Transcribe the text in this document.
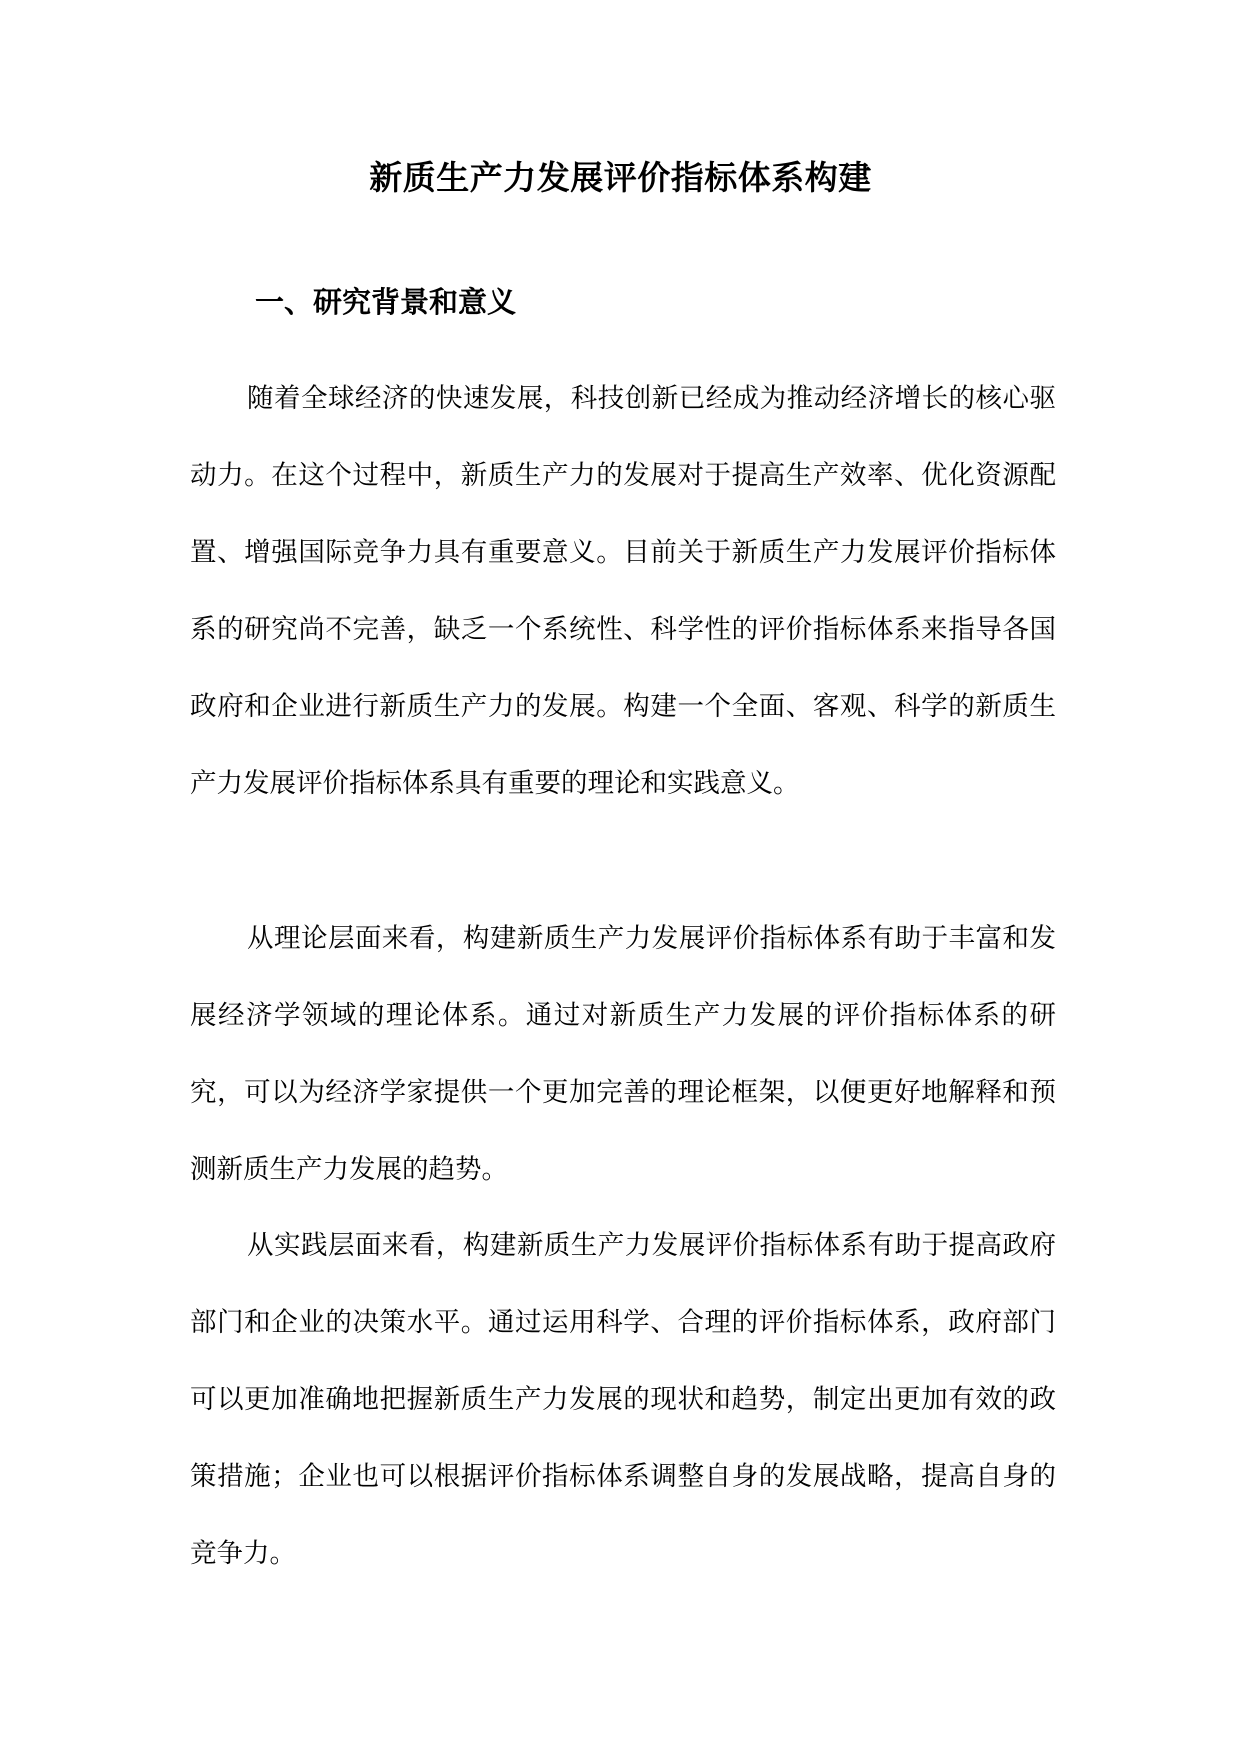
新质生产力发展评价指标体系构建
一、研究背景和意义

随着全球经济的快速发展，科技创新已经成为推动经济增长的核心驱动力。在这个过程中，新质生产力的发展对于提高生产效率、优化资源配置、增强国际竞争力具有重要意义。目前关于新质生产力发展评价指标体系的研究尚不完善，缺乏一个系统性、科学性的评价指标体系来指导各国政府和企业进行新质生产力的发展。构建一个全面、客观、科学的新质生产力发展评价指标体系具有重要的理论和实践意义。

从理论层面来看，构建新质生产力发展评价指标体系有助于丰富和发展经济学领域的理论体系。通过对新质生产力发展的评价指标体系的研究，可以为经济学家提供一个更加完善的理论框架，以便更好地解释和预测新质生产力发展的趋势。

从实践层面来看，构建新质生产力发展评价指标体系有助于提高政府部门和企业的决策水平。通过运用科学、合理的评价指标体系，政府部门可以更加准确地把握新质生产力发展的现状和趋势，制定出更加有效的政策措施；企业也可以根据评价指标体系调整自身的发展战略，提高自身的竞争力。
